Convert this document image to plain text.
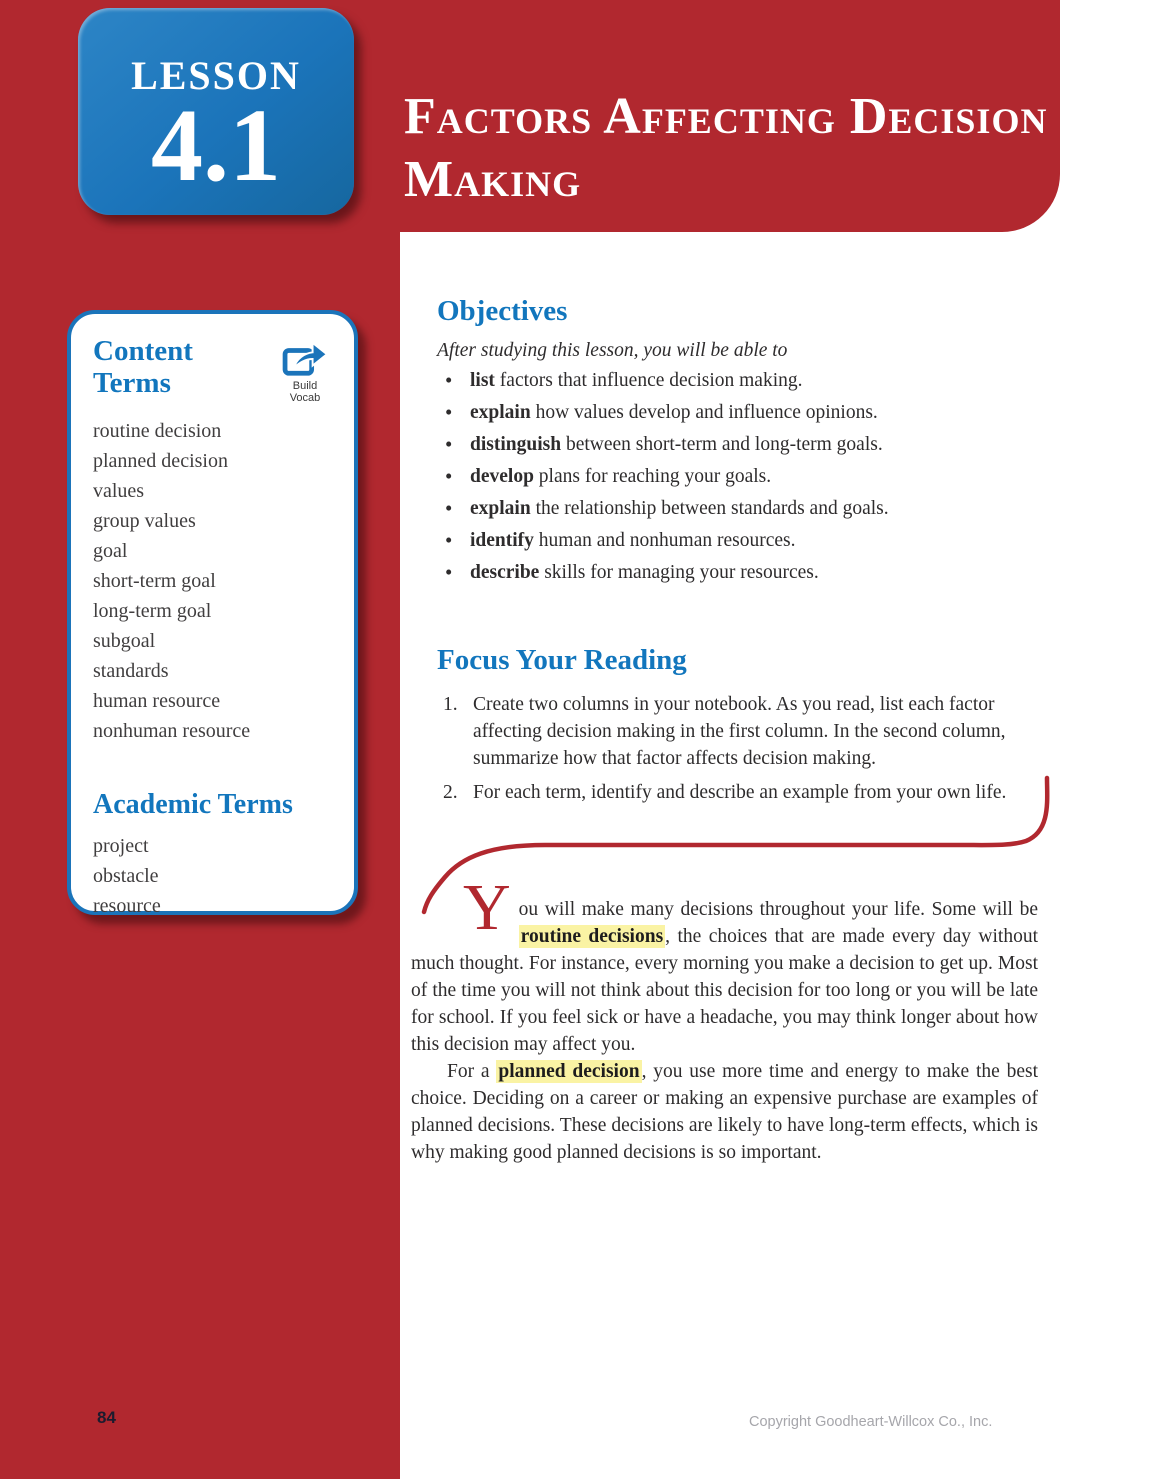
LESSON
4.1	Factors Affecting Decision Making
Content Terms	Build Vocab
routine decision
planned decision
values
group values
goal
short-term goal
long-term goal
subgoal
standards
human resource
nonhuman resource
Academic Terms
project
obstacle
resource
Objectives

After studying this lesson, you will be able to

list factors that influence decision making.
explain how values develop and influence opinions.
distinguish between short-term and long-term goals.
develop plans for reaching your goals.
explain the relationship between standards and goals.
identify human and nonhuman resources.
describe skills for managing your resources.
Focus Your Reading
1. Create two columns in your notebook. As you read, list each factor affecting decision making in the first column. In the second column, summarize how that factor affects decision making.
2. For each term, identify and describe an example from your own life.

You will make many decisions throughout your life. Some will be routine decisions , the choices that are made every day without much thought. For instance, every morning you make a decision to get up. Most of the time you will not think about this decision for too long or you will be late for school. If you feel sick or have a headache, you may think longer about how this decision may affect you.

For a planned decision , you use more time and energy to make the best choice. Deciding on a career or making an expensive purchase are examples of planned decisions. These decisions are likely to have long-term effects, which is why making good planned decisions is so important.

84	Copyright Goodheart-Willcox Co., Inc.
